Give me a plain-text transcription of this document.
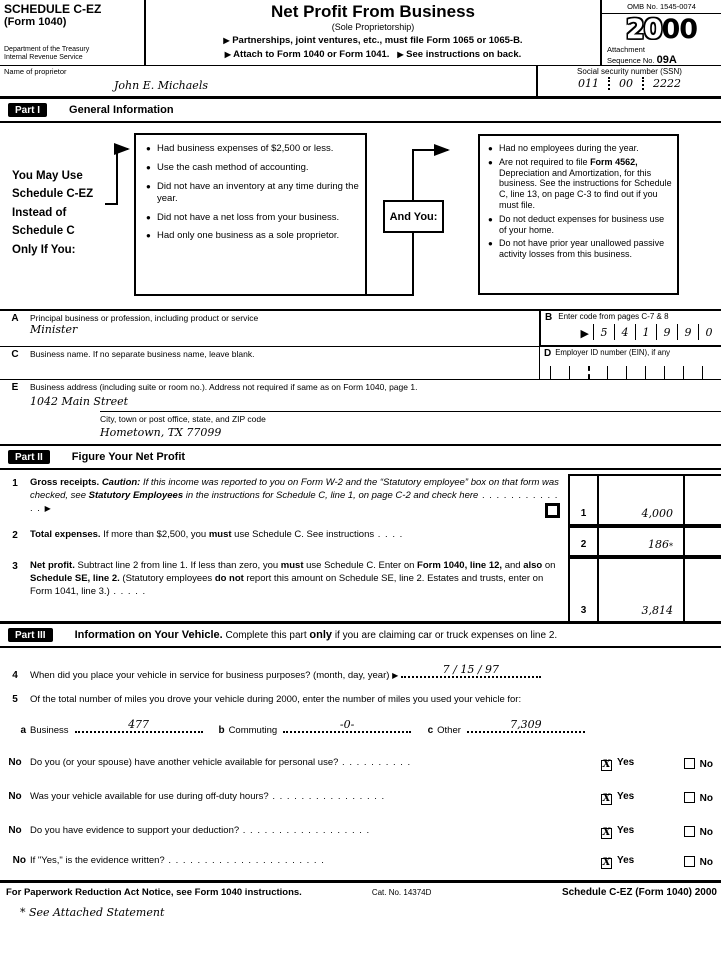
SCHEDULE C-EZ
(Form 1040)
Department of the Treasury
Internal Revenue Service
Net Profit From Business
(Sole Proprietorship)
▶ Partnerships, joint ventures, etc., must file Form 1065 or 1065-B.
▶ Attach to Form 1040 or Form 1041. ▶ See instructions on back.
OMB No. 1545-0074
2000
Attachment
Sequence No. 09A
Name of proprietor
John E. Michaels
Social security number (SSN)
011 00 2222
Part I	General Information
You May Use
Schedule C-EZ
Instead of
Schedule C
Only If You:
● Had business expenses of $2,500 or less.
● Use the cash method of accounting.
● Did not have an inventory at any time during the year.
● Did not have a net loss from your business.
● Had only one business as a sole proprietor.
And You:
● Had no employees during the year.
● Are not required to file Form 4562, Depreciation and Amortization, for this business. See the instructions for Schedule C, line 13, on page C-3 to find out if you must file.
● Do not deduct expenses for business use of your home.
● Do not have prior year unallowed passive activity losses from this business.
A	Principal business or profession, including product or service
Minister
B Enter code from pages C-7 & 8
▶	5	4	1	9	9	0
C	Business name. If no separate business name, leave blank.	D Employer ID number (EIN), if any
E	Business address (including suite or room no.). Address not required if same as on Form 1040, page 1.
1042 Main Street
City, town or post office, state, and ZIP code
Hometown, TX 77099
Part II	Figure Your Net Profit
1	Gross receipts. Caution: If this income was reported to you on Form W-2 and the “Statutory employee” box on that form was checked, see Statutory Employees in the instructions for Schedule C, line 1, on page C-2 and check here . . . . . . . . . . . . . ▶	1	4,000
2	Total expenses. If more than $2,500, you must use Schedule C. See instructions . . . .
2	186 *
3	Net profit. Subtract line 2 from line 1. If less than zero, you must use Schedule C. Enter on Form 1040, line 12, and also on Schedule SE, line 2. (Statutory employees do not report this amount on Schedule SE, line 2. Estates and trusts, enter on Form 1041, line 3.) . . . . .
3	3,814
Part III	Information on Your Vehicle. Complete this part only if you are claiming car or truck expenses on line 2.
4	When did you place your vehicle in service for business purposes? (month, day, year) ▶	7 / 15 / 97
5	Of the total number of miles you drove your vehicle during 2000, enter the number of miles you used your vehicle for:
a Business	477	b Commuting	-0-	c Other	7,309
No Do you (or your spouse) have another vehicle available for personal use? . . . . . . . . . .	X Yes	No
No Was your vehicle available for use during off-duty hours? . . . . . . . . . . . . . . . .	X Yes	No
No Do you have evidence to support your deduction? . . . . . . . . . . . . . . . . . .	X Yes	No
No If "Yes," is the evidence written? . . . . . . . . . . . . . . . . . . . . . .	X Yes	No
For Paperwork Reduction Act Notice, see Form 1040 instructions.	Cat. No. 14374D	Schedule C-EZ (Form 1040) 2000
* See Attached Statement
